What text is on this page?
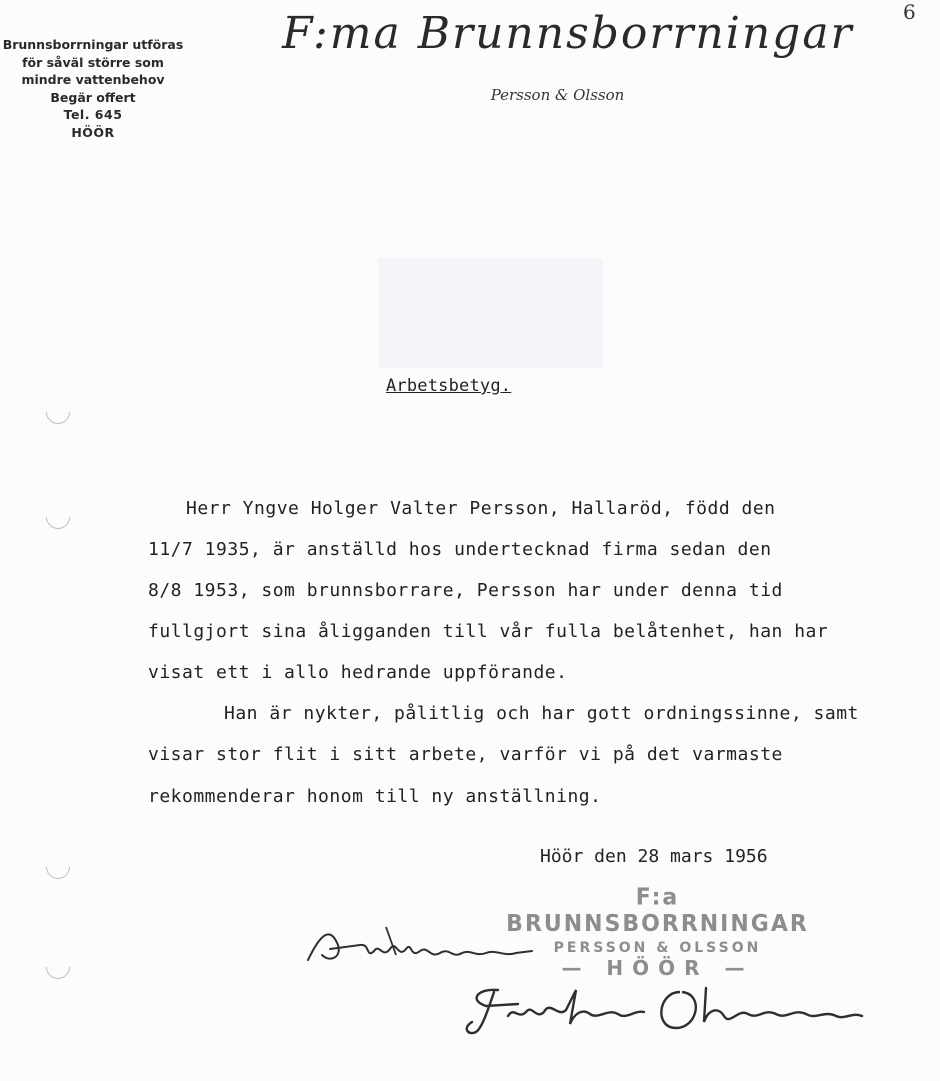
6
Brunnsborrningar utföras
för såväl större som
mindre vattenbehov
Begär offert
Tel. 645
HÖÖR
F:ma Brunnsborrningar
Persson & Olsson
Arbetsbetyg.
Herr Yngve Holger Valter Persson, Hallaröd, född den
11/7 1935, är anställd hos undertecknad firma sedan den
8/8 1953, som brunnsborrare, Persson har under denna tid
fullgjort sina åligganden till vår fulla belåtenhet, han har
visat ett i allo hedrande uppförande.
Han är nykter, pålitlig och har gott ordningssinne, samt
visar stor flit i sitt arbete, varför vi på det varmaste
rekommenderar honom till ny anställning.
Höör den 28 mars 1956
F:a BRUNNSBORRNINGAR
PERSSON & OLSSON
— HÖÖR —
